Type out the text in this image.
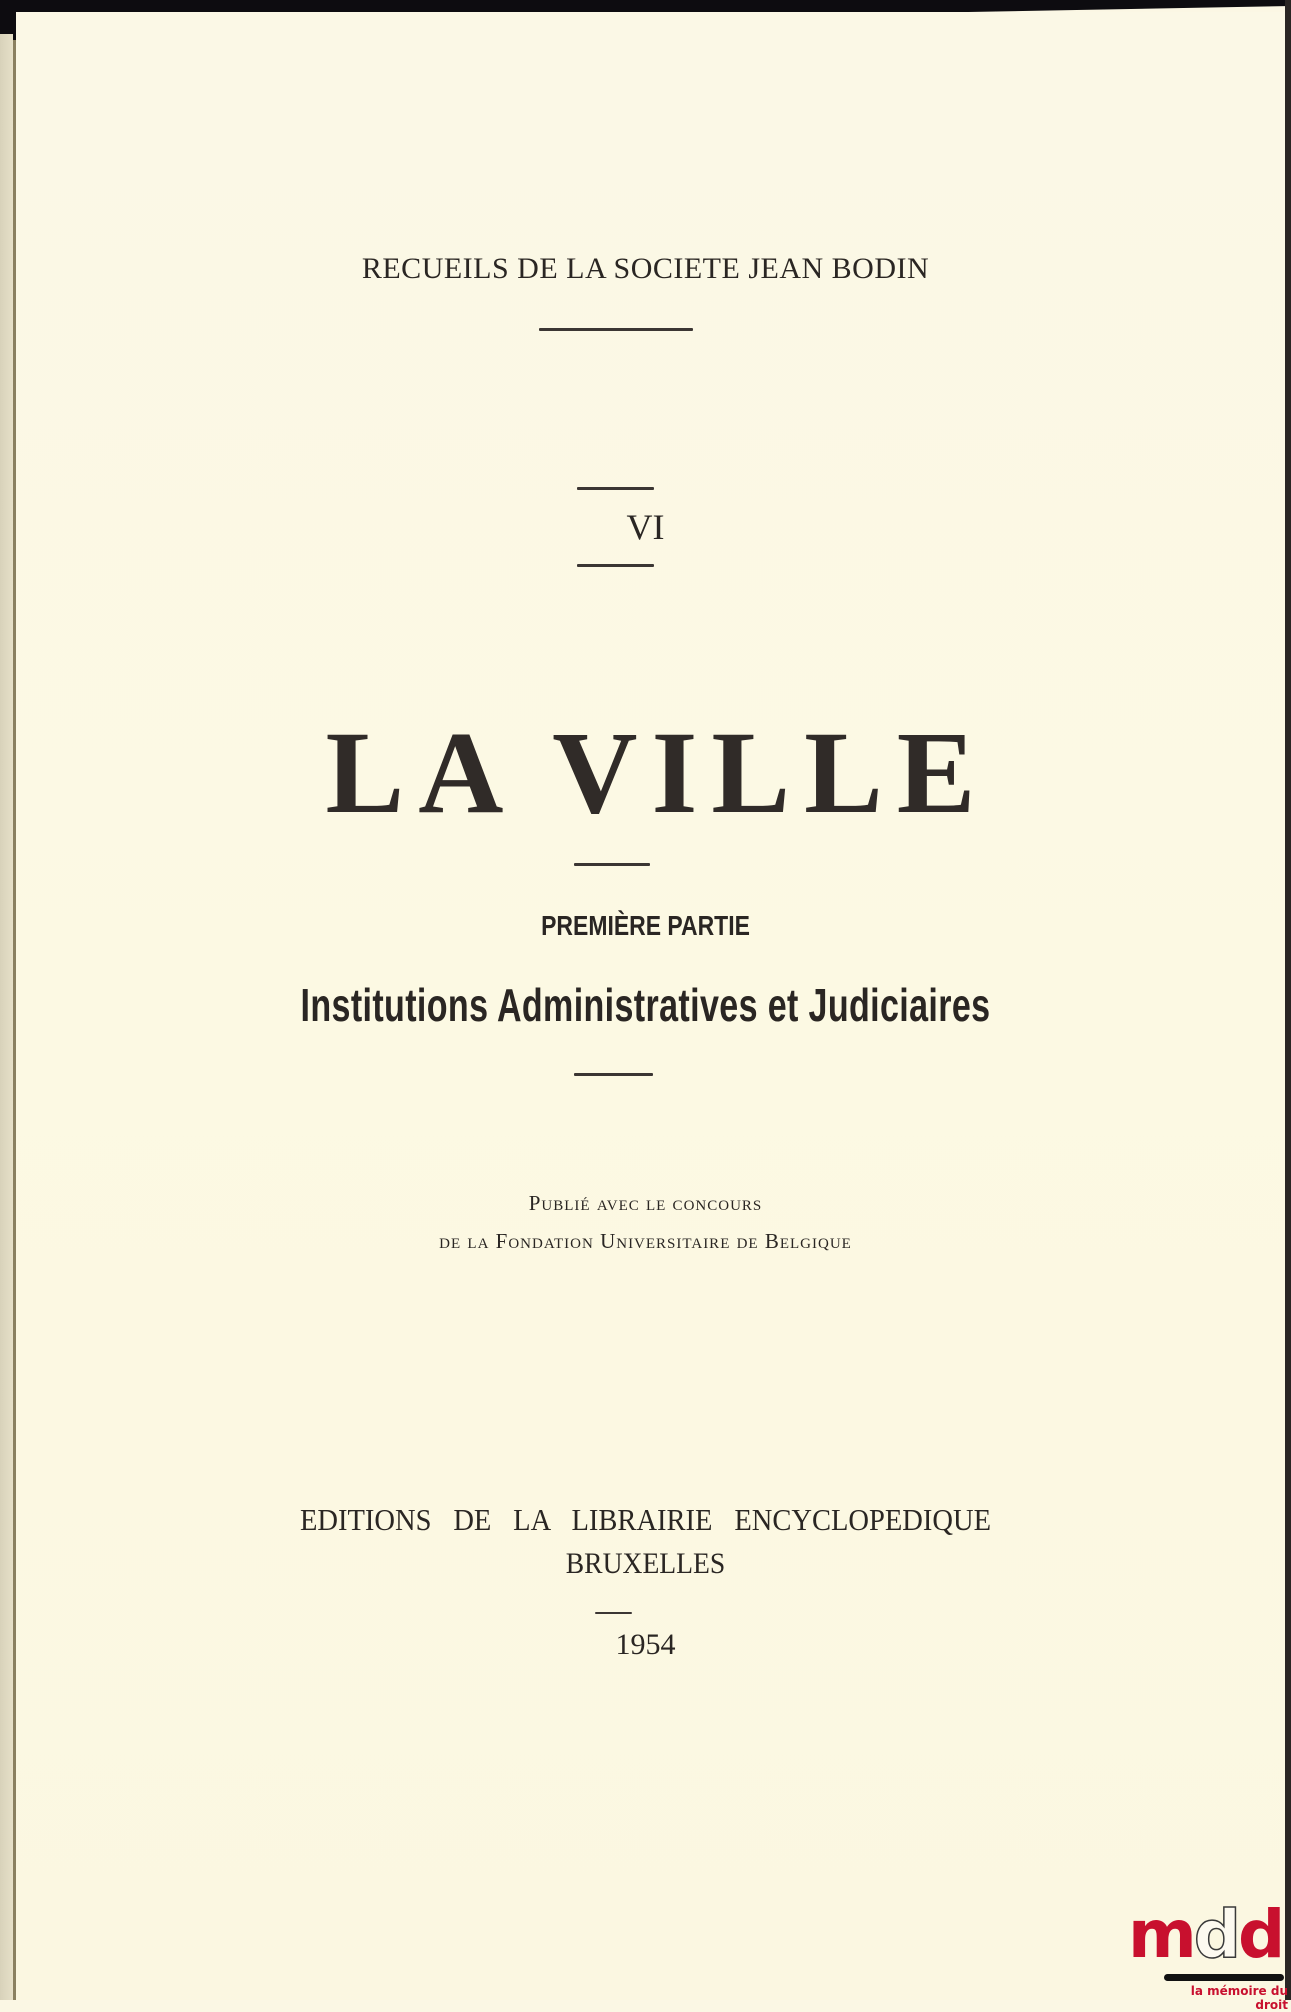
RECUEILS DE LA SOCIETE JEAN BODIN
VI
LA VILLE
PREMIÈRE PARTIE
Institutions Administratives et Judiciaires
Publié avec le concours
de la Fondation Universitaire de Belgique
EDITIONS DE LA LIBRAIRIE ENCYCLOPEDIQUE
BRUXELLES
1954
mdd
la mémoire du droit
